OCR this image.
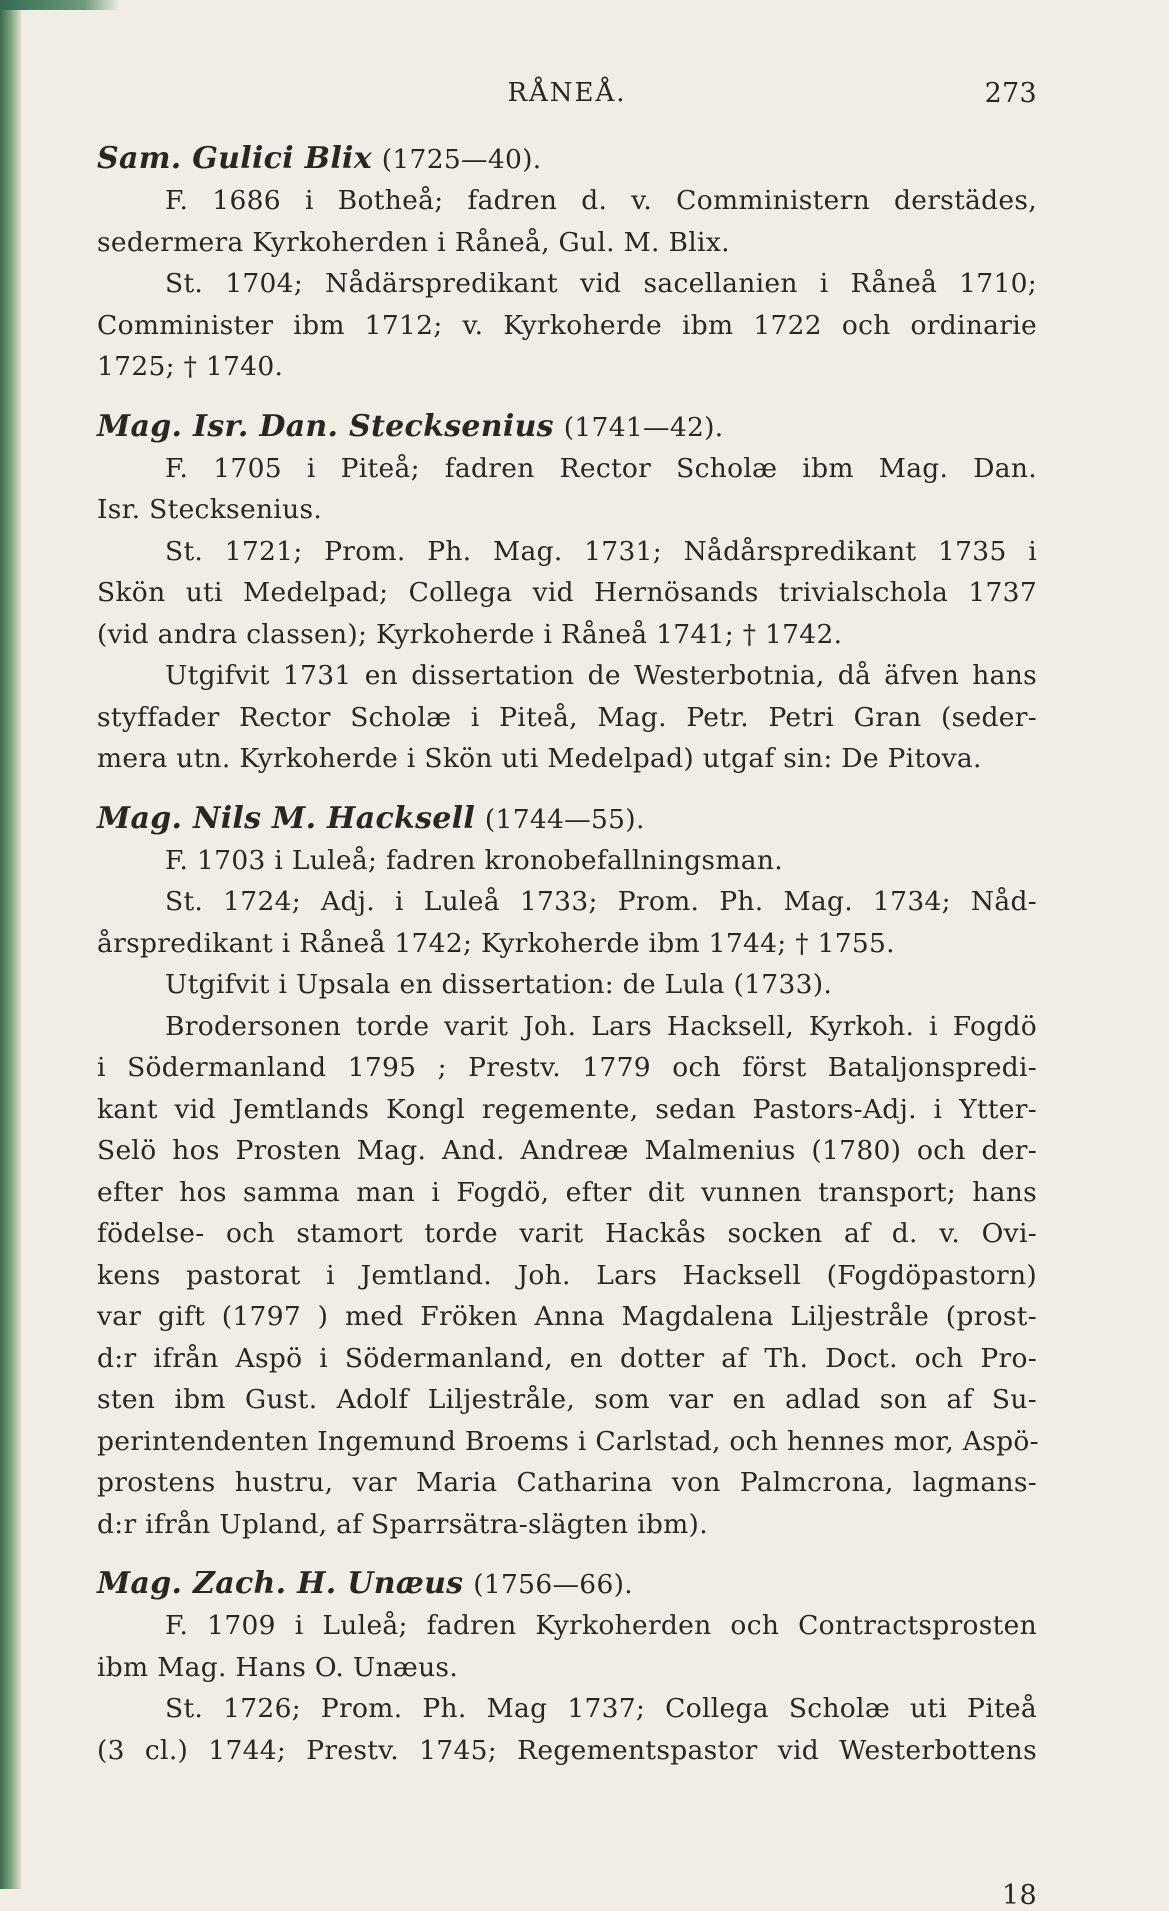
RÅNEÅ.	273
Sam. Gulici Blix (1725—40).
F. 1686 i Botheå; fadren d. v. Comministern derstädes,
sedermera Kyrkoherden i Råneå, Gul. M. Blix.
St. 1704; Nådärspredikant vid sacellanien i Råneå 1710;
Comminister ibm 1712; v. Kyrkoherde ibm 1722 och ordinarie
1725; † 1740.
Mag. Isr. Dan. Stecksenius (1741—42).
F. 1705 i Piteå; fadren Rector Scholæ ibm Mag. Dan.
Isr. Stecksenius.
St. 1721; Prom. Ph. Mag. 1731; Nådårspredikant 1735 i
Skön uti Medelpad; Collega vid Hernösands trivialschola 1737
(vid andra classen); Kyrkoherde i Råneå 1741; † 1742.
Utgifvit 1731 en dissertation de Westerbotnia, då äfven hans
styffader Rector Scholæ i Piteå, Mag. Petr. Petri Gran (seder-
mera utn. Kyrkoherde i Skön uti Medelpad) utgaf sin: De Pitova.
Mag. Nils M. Hacksell (1744—55).
F. 1703 i Luleå; fadren kronobefallningsman.
St. 1724; Adj. i Luleå 1733; Prom. Ph. Mag. 1734; Nåd-
årspredikant i Råneå 1742; Kyrkoherde ibm 1744; † 1755.
Utgifvit i Upsala en dissertation: de Lula (1733).
Brodersonen torde varit Joh. Lars Hacksell, Kyrkoh. i Fogdö
i Södermanland 1795 ; Prestv. 1779 och först Bataljonspredi-
kant vid Jemtlands Kongl regemente, sedan Pastors-Adj. i Ytter-
Selö hos Prosten Mag. And. Andreæ Malmenius (1780) och der-
efter hos samma man i Fogdö, efter dit vunnen transport; hans
födelse- och stamort torde varit Hackås socken af d. v. Ovi-
kens pastorat i Jemtland. Joh. Lars Hacksell (Fogdöpastorn)
var gift (1797 ) med Fröken Anna Magdalena Liljestråle (prost-
d:r ifrån Aspö i Södermanland, en dotter af Th. Doct. och Pro-
sten ibm Gust. Adolf Liljestråle, som var en adlad son af Su-
perintendenten Ingemund Broems i Carlstad, och hennes mor, Aspö-
prostens hustru, var Maria Catharina von Palmcrona, lagmans-
d:r ifrån Upland, af Sparrsätra-slägten ibm).
Mag. Zach. H. Unæus (1756—66).
F. 1709 i Luleå; fadren Kyrkoherden och Contractsprosten
ibm Mag. Hans O. Unæus.
St. 1726; Prom. Ph. Mag 1737; Collega Scholæ uti Piteå
(3 cl.) 1744; Prestv. 1745; Regementspastor vid Westerbottens
18
